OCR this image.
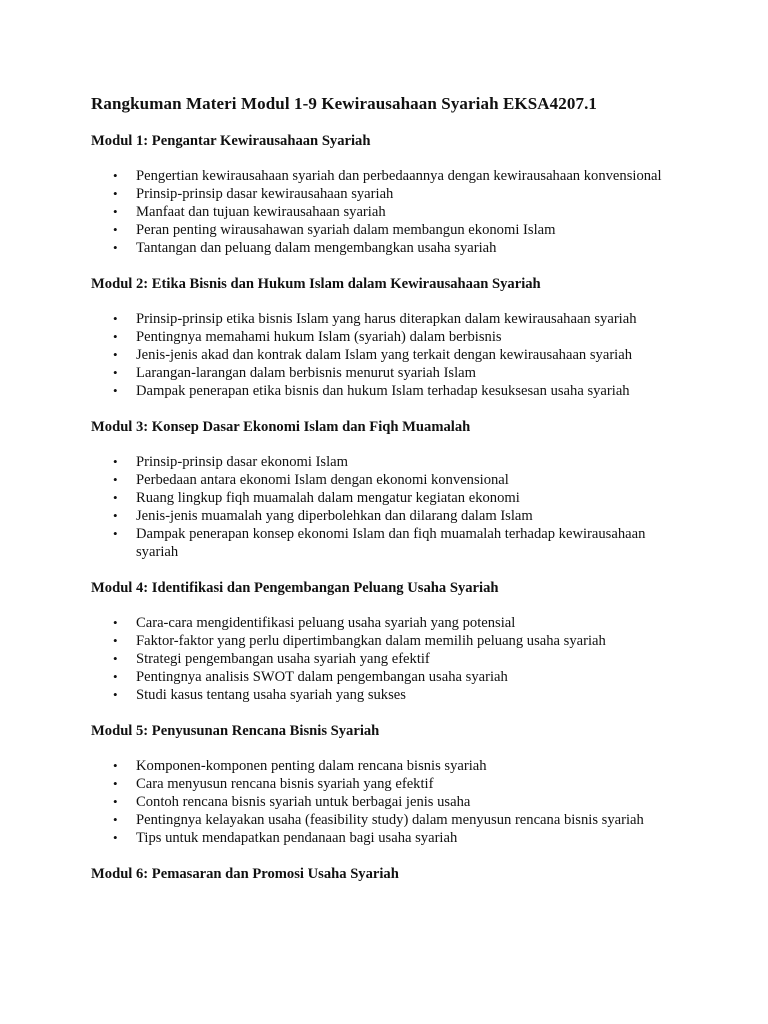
Rangkuman Materi Modul 1-9 Kewirausahaan Syariah EKSA4207.1
Modul 1: Pengantar Kewirausahaan Syariah
• Pengertian kewirausahaan syariah dan perbedaannya dengan kewirausahaan konvensional
• Prinsip-prinsip dasar kewirausahaan syariah
• Manfaat dan tujuan kewirausahaan syariah
• Peran penting wirausahawan syariah dalam membangun ekonomi Islam
• Tantangan dan peluang dalam mengembangkan usaha syariah
Modul 2: Etika Bisnis dan Hukum Islam dalam Kewirausahaan Syariah
• Prinsip-prinsip etika bisnis Islam yang harus diterapkan dalam kewirausahaan syariah
• Pentingnya memahami hukum Islam (syariah) dalam berbisnis
• Jenis-jenis akad dan kontrak dalam Islam yang terkait dengan kewirausahaan syariah
• Larangan-larangan dalam berbisnis menurut syariah Islam
• Dampak penerapan etika bisnis dan hukum Islam terhadap kesuksesan usaha syariah
Modul 3: Konsep Dasar Ekonomi Islam dan Fiqh Muamalah
• Prinsip-prinsip dasar ekonomi Islam
• Perbedaan antara ekonomi Islam dengan ekonomi konvensional
• Ruang lingkup fiqh muamalah dalam mengatur kegiatan ekonomi
• Jenis-jenis muamalah yang diperbolehkan dan dilarang dalam Islam
• Dampak penerapan konsep ekonomi Islam dan fiqh muamalah terhadap kewirausahaan syariah
Modul 4: Identifikasi dan Pengembangan Peluang Usaha Syariah
• Cara-cara mengidentifikasi peluang usaha syariah yang potensial
• Faktor-faktor yang perlu dipertimbangkan dalam memilih peluang usaha syariah
• Strategi pengembangan usaha syariah yang efektif
• Pentingnya analisis SWOT dalam pengembangan usaha syariah
• Studi kasus tentang usaha syariah yang sukses
Modul 5: Penyusunan Rencana Bisnis Syariah
• Komponen-komponen penting dalam rencana bisnis syariah
• Cara menyusun rencana bisnis syariah yang efektif
• Contoh rencana bisnis syariah untuk berbagai jenis usaha
• Pentingnya kelayakan usaha (feasibility study) dalam menyusun rencana bisnis syariah
• Tips untuk mendapatkan pendanaan bagi usaha syariah
Modul 6: Pemasaran dan Promosi Usaha Syariah
